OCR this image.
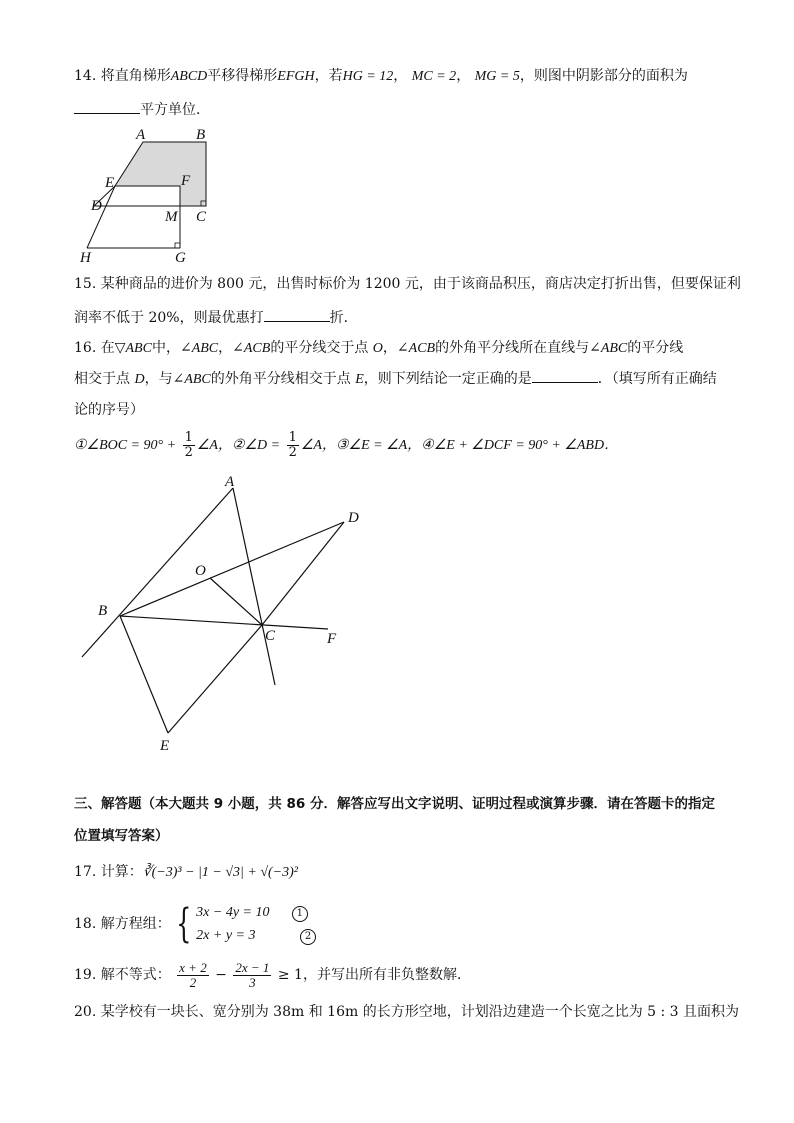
14. 将直角梯形ABCD平移得梯形EFGH，若HG = 12， MC = 2， MG = 5，则图中阴影部分的面积为
平方单位．
A	B
E	F
D
M C
H	G
15. 某种商品的进价为 800 元，出售时标价为 1200 元，由于该商品积压，商店决定打折出售，但要保证利
润率不低于 20%，则最优惠打	折．
16. 在▽ABC中，∠ABC，∠ACB的平分线交于点 O，∠ACB的外角平分线所在直线与∠ABC的平分线
相交于点 D，与∠ABC的外角平分线相交于点 E，则下列结论一定正确的是	．（填写所有正确结
论的序号）
①∠BOC = $90^\circ + \frac{1}{2}$ ∠A，②∠D = $\frac{1}{2}$ ∠A，③∠E = ∠A，④∠E + ∠DCF = 90° + ∠ABD．
A
D
O
B
C	F
E
三、解答题（本大题共 9 小题，共 86 分．解答应写出文字说明、证明过程或演算步骤．请在答题卡的指定
位置填写答案）
17. 计算：∛(−3)³ − |1 − √3| + √(−3)²
18.
解方程组： { 3x − 4y = 10	1
2x + y = 3	2
19. 解不等式： $\frac{x + 2}{2} - \frac{2x - 1}{3} \ge 1$，并写出所有非负整数解．
20. 某学校有一块长、宽分别为 38m 和 16m 的长方形空地，计划沿边建造一个长宽之比为 5 : 3 且面积为
